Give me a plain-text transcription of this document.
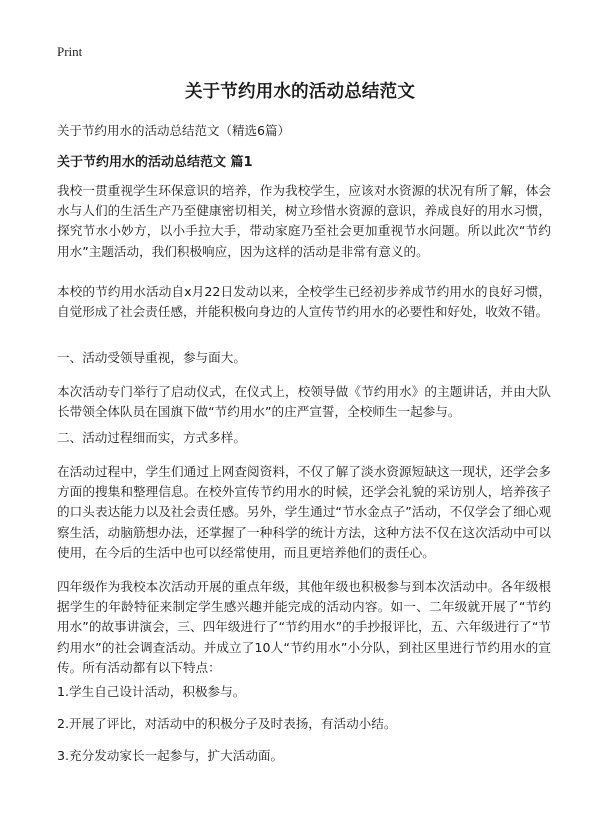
Print
关于节约用水的活动总结范文

关于节约用水的活动总结范文（精选6篇）

关于节约用水的活动总结范文 篇1

我校一贯重视学生环保意识的培养，作为我校学生，应该对水资源的状况有所了解，体会水与人们的生活生产乃至健康密切相关，树立珍惜水资源的意识，养成良好的用水习惯，探究节水小妙方，以小手拉大手，带动家庭乃至社会更加重视节水问题。所以此次“节约用水”主题活动，我们积极响应，因为这样的活动是非常有意义的。

本校的节约用水活动自x月22日发动以来，全校学生已经初步养成节约用水的良好习惯，自觉形成了社会责任感，并能积极向身边的人宣传节约用水的必要性和好处，收效不错。

一、活动受领导重视，参与面大。

本次活动专门举行了启动仪式，在仪式上，校领导做《节约用水》的主题讲话，并由大队长带领全体队员在国旗下做“节约用水”的庄严宣誓，全校师生一起参与。

二、活动过程细而实，方式多样。

在活动过程中，学生们通过上网查阅资料，不仅了解了淡水资源短缺这一现状，还学会多方面的搜集和整理信息。在校外宣传节约用水的时候，还学会礼貌的采访别人，培养孩子的口头表达能力以及社会责任感。另外，学生通过“节水金点子”活动，不仅学会了细心观察生活，动脑筋想办法，还掌握了一种科学的统计方法，这种方法不仅在这次活动中可以使用，在今后的生活中也可以经常使用，而且更培养他们的责任心。

四年级作为我校本次活动开展的重点年级，其他年级也积极参与到本次活动中。各年级根据学生的年龄特征来制定学生感兴趣并能完成的活动内容。如一、二年级就开展了“节约用水”的故事讲演会，三、四年级进行了“节约用水”的手抄报评比，五、六年级进行了“节约用水”的社会调查活动。并成立了10人“节约用水”小分队，到社区里进行节约用水的宣传。所有活动都有以下特点：

1.学生自己设计活动，积极参与。

2.开展了评比，对活动中的积极分子及时表扬，有活动小结。

3.充分发动家长一起参与，扩大活动面。
